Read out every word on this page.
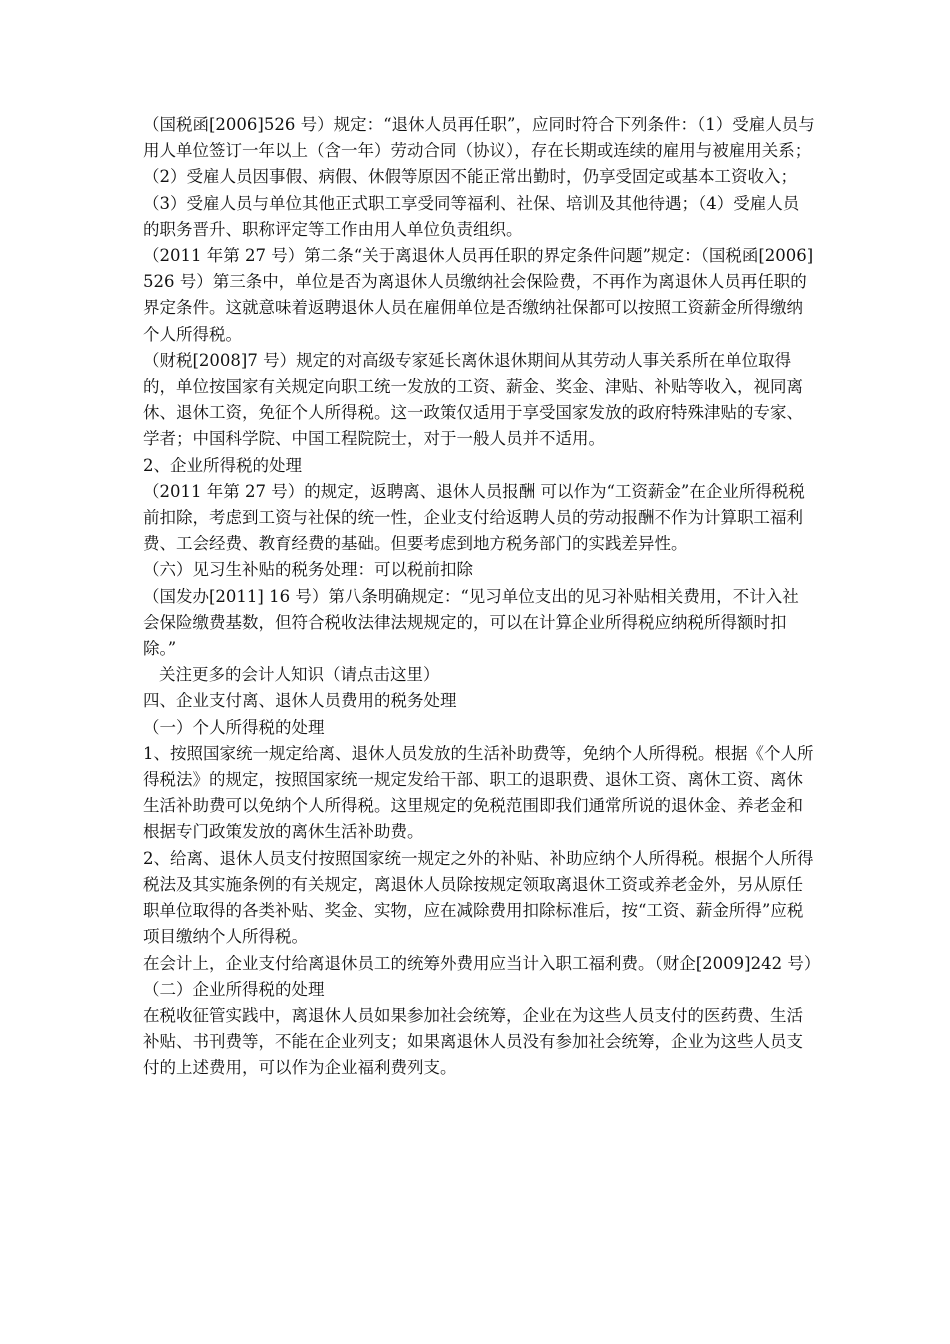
（国税函[2006]526 号）规定：“退休人员再任职”，应同时符合下列条件：（1）受雇人员与用人单位签订一年以上（含一年）劳动合同（协议），存在长期或连续的雇用与被雇用关系；（2）受雇人员因事假、病假、休假等原因不能正常出勤时，仍享受固定或基本工资收入；（3）受雇人员与单位其他正式职工享受同等福利、社保、培训及其他待遇；（4）受雇人员的职务晋升、职称评定等工作由用人单位负责组织。

（2011 年第 27 号）第二条“关于离退休人员再任职的界定条件问题”规定：（国税函[2006]526 号）第三条中，单位是否为离退休人员缴纳社会保险费，不再作为离退休人员再任职的界定条件。这就意味着返聘退休人员在雇佣单位是否缴纳社保都可以按照工资薪金所得缴纳个人所得税。

（财税[2008]7 号）规定的对高级专家延长离休退休期间从其劳动人事关系所在单位取得的，单位按国家有关规定向职工统一发放的工资、薪金、奖金、津贴、补贴等收入，视同离休、退休工资，免征个人所得税。这一政策仅适用于享受国家发放的政府特殊津贴的专家、学者；中国科学院、中国工程院院士，对于一般人员并不适用。

2、企业所得税的处理

（2011 年第 27 号）的规定，返聘离、退休人员报酬 可以作为“工资薪金”在企业所得税税前扣除，考虑到工资与社保的统一性，企业支付给返聘人员的劳动报酬不作为计算职工福利费、工会经费、教育经费的基础。但要考虑到地方税务部门的实践差异性。

（六）见习生补贴的税务处理：可以税前扣除

（国发办[2011] 16 号）第八条明确规定：“见习单位支出的见习补贴相关费用，不计入社会保险缴费基数，但符合税收法律法规规定的，可以在计算企业所得税应纳税所得额时扣除。”

关注更多的会计人知识（请点击这里）

四、企业支付离、退休人员费用的税务处理

（一）个人所得税的处理

1、按照国家统一规定给离、退休人员发放的生活补助费等，免纳个人所得税。根据《个人所得税法》的规定，按照国家统一规定发给干部、职工的退职费、退休工资、离休工资、离休生活补助费可以免纳个人所得税。这里规定的免税范围即我们通常所说的退休金、养老金和根据专门政策发放的离休生活补助费。

2、给离、退休人员支付按照国家统一规定之外的补贴、补助应纳个人所得税。根据个人所得税法及其实施条例的有关规定，离退休人员除按规定领取离退休工资或养老金外，另从原任职单位取得的各类补贴、奖金、实物，应在减除费用扣除标准后，按“工资、薪金所得”应税项目缴纳个人所得税。

在会计上，企业支付给离退休员工的统筹外费用应当计入职工福利费。（财企[2009]242 号）

（二）企业所得税的处理

在税收征管实践中，离退休人员如果参加社会统筹，企业在为这些人员支付的医药费、生活补贴、书刊费等，不能在企业列支；如果离退休人员没有参加社会统筹，企业为这些人员支付的上述费用，可以作为企业福利费列支。
